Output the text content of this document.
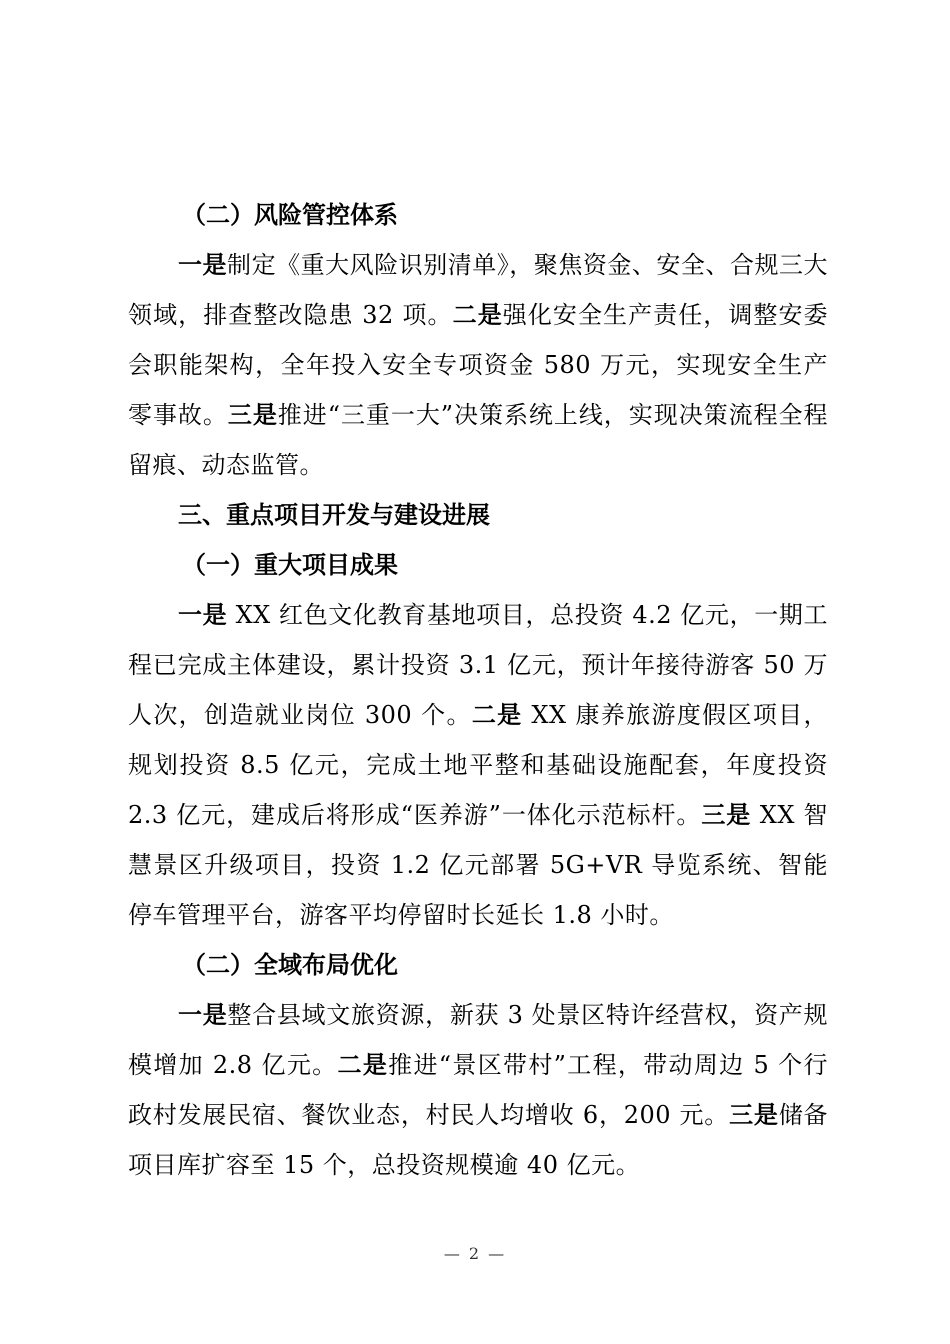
（二）风险管控体系

一是制定《重大风险识别清单》，聚焦资金、安全、合规三大领域，排查整改隐患 32 项。二是强化安全生产责任，调整安委会职能架构，全年投入安全专项资金 580 万元，实现安全生产零事故。三是推进“三重一大”决策系统上线，实现决策流程全程留痕、动态监管。

三、重点项目开发与建设进展
（一）重大项目成果

一是 XX 红色文化教育基地项目，总投资 4.2 亿元，一期工程已完成主体建设，累计投资 3.1 亿元，预计年接待游客 50 万人次，创造就业岗位 300 个。二是 XX 康养旅游度假区项目，规划投资 8.5 亿元，完成土地平整和基础设施配套，年度投资 2.3 亿元，建成后将形成“医养游”一体化示范标杆。三是 XX 智慧景区升级项目，投资 1.2 亿元部署 5G+VR 导览系统、智能停车管理平台，游客平均停留时长延长 1.8 小时。

（二）全域布局优化

一是整合县域文旅资源，新获 3 处景区特许经营权，资产规模增加 2.8 亿元。二是推进“景区带村”工程，带动周边 5 个行政村发展民宿、餐饮业态，村民人均增收 6，200 元。三是储备项目库扩容至 15 个，总投资规模逾 40 亿元。

— 2 —
